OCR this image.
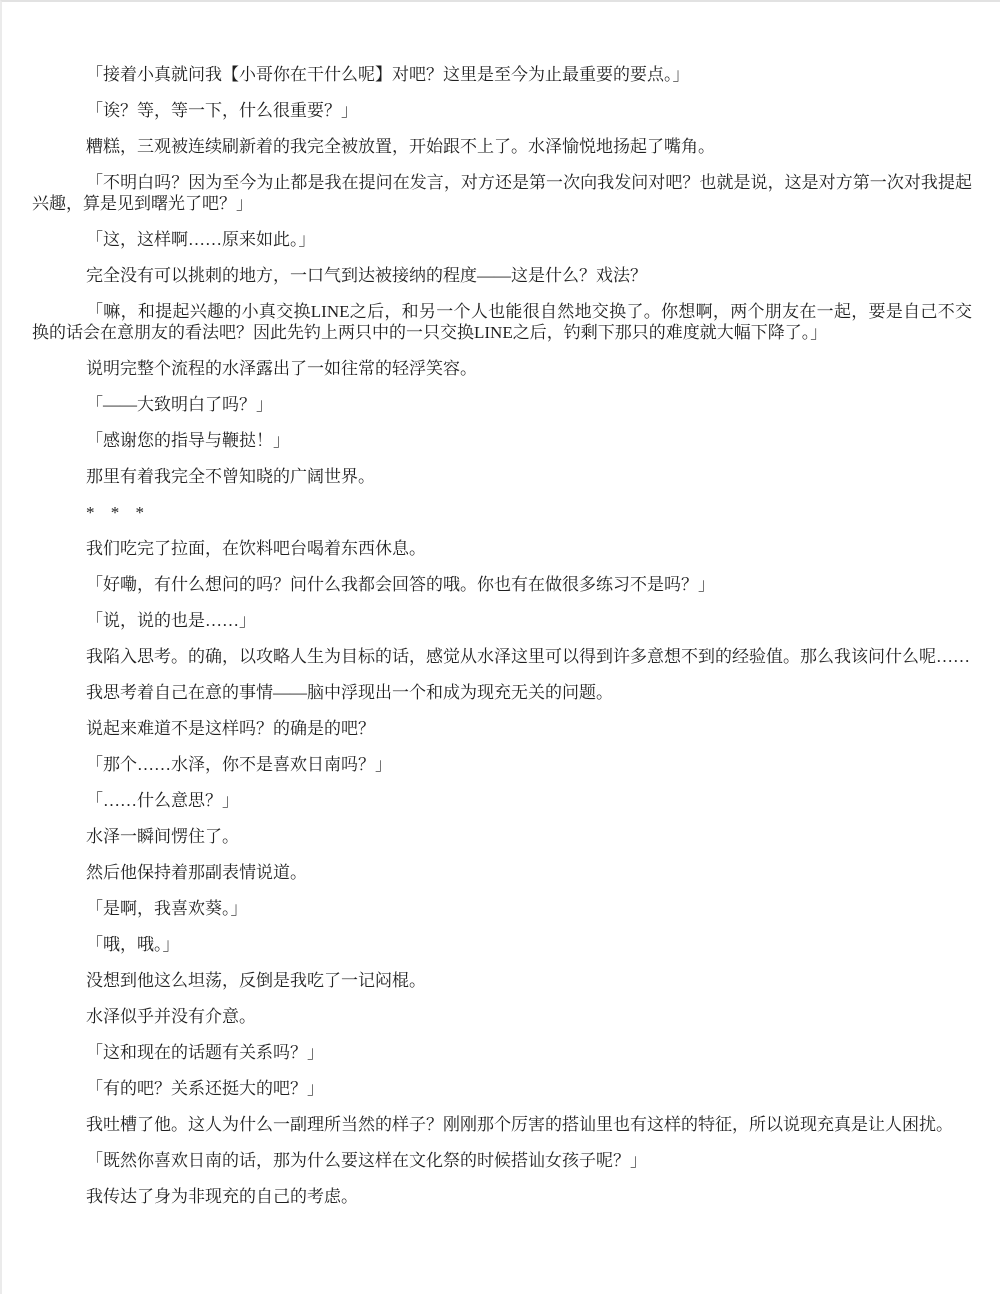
「接着小真就问我【小哥你在干什么呢】对吧？这里是至今为止最重要的要点。」

「诶？等，等一下，什么很重要？」

糟糕，三观被连续刷新着的我完全被放置，开始跟不上了。水泽愉悦地扬起了嘴角。

「不明白吗？因为至今为止都是我在提问在发言，对方还是第一次向我发问对吧？也就是说，这是对方第一次对我提起兴趣，算是见到曙光了吧？」

「这，这样啊……原来如此。」

完全没有可以挑刺的地方，一口气到达被接纳的程度——这是什么？戏法？

「嘛，和提起兴趣的小真交换LINE之后，和另一个人也能很自然地交换了。你想啊，两个朋友在一起，要是自己不交换的话会在意朋友的看法吧？因此先钓上两只中的一只交换LINE之后，钓剩下那只的难度就大幅下降了。」

说明完整个流程的水泽露出了一如往常的轻浮笑容。

「——大致明白了吗？」

「感谢您的指导与鞭挞！」

那里有着我完全不曾知晓的广阔世界。

* * *

我们吃完了拉面，在饮料吧台喝着东西休息。

「好嘞，有什么想问的吗？问什么我都会回答的哦。你也有在做很多练习不是吗？」

「说，说的也是……」

我陷入思考。的确，以攻略人生为目标的话，感觉从水泽这里可以得到许多意想不到的经验值。那么我该问什么呢……

我思考着自己在意的事情——脑中浮现出一个和成为现充无关的问题。

说起来难道不是这样吗？的确是的吧？

「那个……水泽，你不是喜欢日南吗？」

「……什么意思？」

水泽一瞬间愣住了。

然后他保持着那副表情说道。

「是啊，我喜欢葵。」

「哦，哦。」

没想到他这么坦荡，反倒是我吃了一记闷棍。

水泽似乎并没有介意。

「这和现在的话题有关系吗？」

「有的吧？关系还挺大的吧？」

我吐槽了他。这人为什么一副理所当然的样子？刚刚那个厉害的搭讪里也有这样的特征，所以说现充真是让人困扰。

「既然你喜欢日南的话，那为什么要这样在文化祭的时候搭讪女孩子呢？」

我传达了身为非现充的自己的考虑。
